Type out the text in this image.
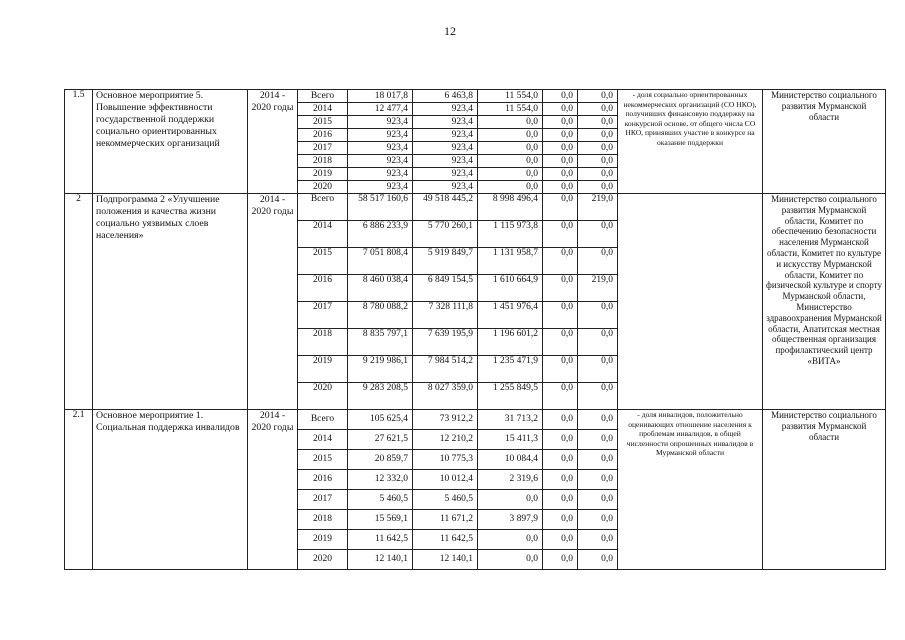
12
1.5	Основное мероприятие 5. Повышение эффективности государственной поддержки социально ориентированных некоммерческих организаций	2014 - 2020 годы	Всего	18 017,8	6 463,8	11 554,0	0,0	0,0	- доля социально ориентированных некоммерческих организаций (СО НКО), получивших финансовую поддержку на конкурсной основе, от общего числа СО НКО, принявших участие в конкурсе на оказание поддержки	Министерство социального развития Мурманской области
			2014	12 477,4	923,4	11 554,0	0,0	0,0		
			2015	923,4	923,4	0,0	0,0	0,0		
			2016	923,4	923,4	0,0	0,0	0,0		
			2017	923,4	923,4	0,0	0,0	0,0		
			2018	923,4	923,4	0,0	0,0	0,0		
			2019	923,4	923,4	0,0	0,0	0,0		
			2020	923,4	923,4	0,0	0,0	0,0		
2	Подпрограмма 2 «Улучшение положения и качества жизни социально уязвимых слоев населения»	2014 - 2020 годы	Всего	58 517 160,6	49 518 445,2	8 998 496,4	0,0	219,0		Министерство социального развития Мурманской области, Комитет по обеспечению безопасности населения Мурманской области, Комитет по культуре и искусству Мурманской области, Комитет по физической культуре и спорту Мурманской области, Министерство здравоохранения Мурманской области, Апатитская местная общественная организация профилактический центр «ВИТА»
			2014	6 886 233,9	5 770 260,1	1 115 973,8	0,0	0,0		
			2015	7 051 808,4	5 919 849,7	1 131 958,7	0,0	0,0		
			2016	8 460 038,4	6 849 154,5	1 610 664,9	0,0	219,0		
			2017	8 780 088,2	7 328 111,8	1 451 976,4	0,0	0,0		
			2018	8 835 797,1	7 639 195,9	1 196 601,2	0,0	0,0		
			2019	9 219 986,1	7 984 514,2	1 235 471,9	0,0	0,0		
			2020	9 283 208,5	8 027 359,0	1 255 849,5	0,0	0,0		
2.1	Основное мероприятие 1. Социальная поддержка инвалидов	2014 - 2020 годы	Всего	105 625,4	73 912,2	31 713,2	0,0	0,0	- доля инвалидов, положительно оценивающих отношение населения к проблемам инвалидов, в общей численности опрошенных инвалидов в Мурманской области	Министерство социального развития Мурманской области
			2014	27 621,5	12 210,2	15 411,3	0,0	0,0		
			2015	20 859,7	10 775,3	10 084,4	0,0	0,0		
			2016	12 332,0	10 012,4	2 319,6	0,0	0,0		
			2017	5 460,5	5 460,5	0,0	0,0	0,0		
			2018	15 569,1	11 671,2	3 897,9	0,0	0,0		
			2019	11 642,5	11 642,5	0,0	0,0	0,0		
			2020	12 140,1	12 140,1	0,0	0,0	0,0		
